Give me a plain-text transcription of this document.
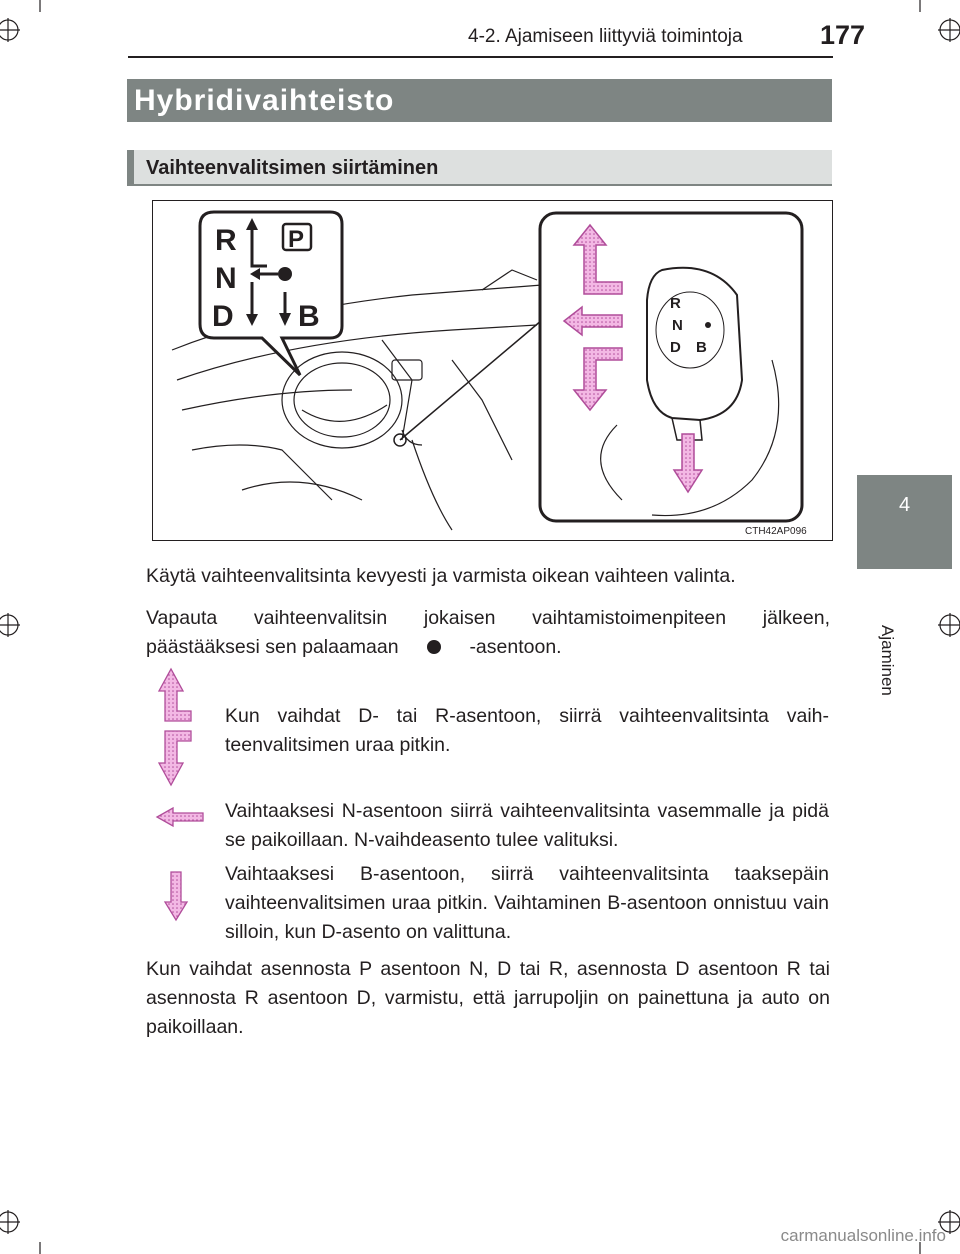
4-2. Ajamiseen liittyviä toimintoja	177
Hybridivaihteisto
Vaihteenvalitsimen siirtäminen
4
Ajaminen
R P
N
D B	R
N
D B
CTH42AP096
Käytä vaihteenvalitsinta kevyesti ja varmista oikean vaihteen valinta.
Vapauta vaihteenvalitsin jokaisen vaihtamistoimenpiteen jälkeen,
päästääksesi sen palaamaan	-asentoon.
Kun vaihdat D- tai R-asentoon, siirrä vaihteenvalitsinta vaih-teenvalitsimen uraa pitkin.
Vaihtaaksesi N-asentoon siirrä vaihteenvalitsinta vasemmalle ja pidä se paikoillaan. N-vaihdeasento tulee valituksi.
Vaihtaaksesi B-asentoon, siirrä vaihteenvalitsinta taaksepäin vaihteenvalitsimen uraa pitkin. Vaihtaminen B-asentoon onnistuu vain silloin, kun D-asento on valittuna.
Kun vaihdat asennosta P asentoon N, D tai R, asennosta D asentoon R tai asennosta R asentoon D, varmistu, että jarrupoljin on painettuna ja auto on paikoillaan.
carmanualsonline.info
